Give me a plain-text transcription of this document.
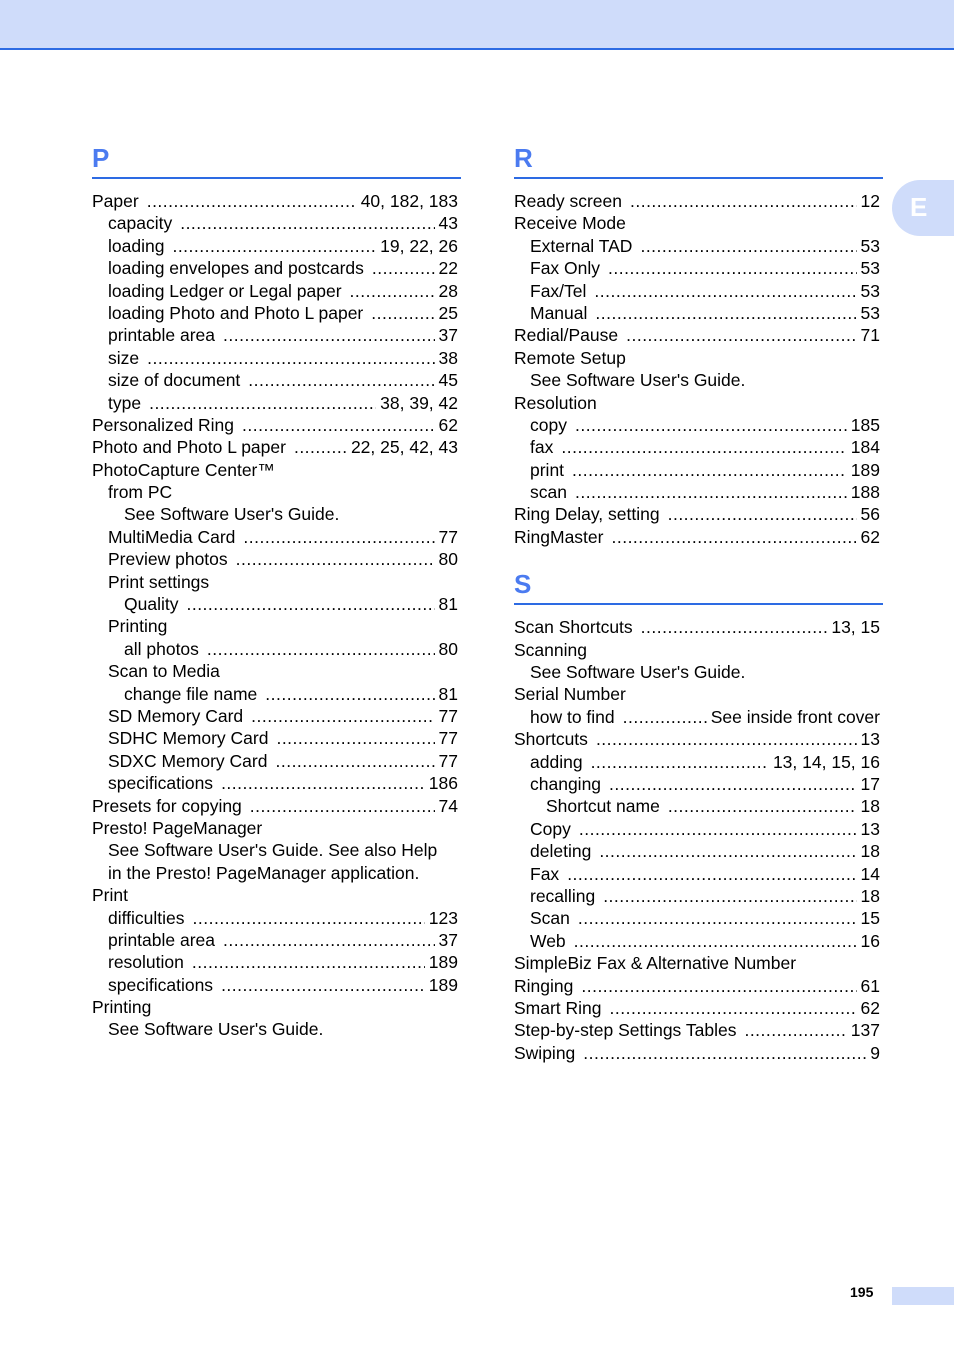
E
P
Paper .....	40, 182, 183
capacity .....	43
loading .....	19, 22, 26
loading envelopes and postcards .....	22
loading Ledger or Legal paper .....	28
loading Photo and Photo L paper .....	25
printable area .....	37
size .....	38
size of document .....	45
type .....	38, 39, 42
Personalized Ring .....	62
Photo and Photo L paper .....	22, 25, 42, 43
PhotoCapture Center™
from PC
See Software User's Guide.
MultiMedia Card .....	77
Preview photos .....	80
Print settings
Quality .....	81
Printing
all photos .....	80
Scan to Media
change file name .....	81
SD Memory Card .....	77
SDHC Memory Card .....	77
SDXC Memory Card .....	77
specifications .....	186
Presets for copying .....	74
Presto! PageManager
See Software User's Guide. See also Help
in the Presto! PageManager application.
Print
difficulties .....	123
printable area .....	37
resolution .....	189
specifications .....	189
Printing
See Software User's Guide.
R
Ready screen .....	12
Receive Mode
External TAD .....	53
Fax Only .....	53
Fax/Tel .....	53
Manual .....	53
Redial/Pause .....	71
Remote Setup
See Software User's Guide.
Resolution
copy .....	185
fax .....	184
print .....	189
scan .....	188
Ring Delay, setting .....	56
RingMaster .....	62
S
Scan Shortcuts .....	13, 15
Scanning
See Software User's Guide.
Serial Number
how to find .....	See inside front cover
Shortcuts .....	13
adding .....	13, 14, 15, 16
changing .....	17
Shortcut name .....	18
Copy .....	13
deleting .....	18
Fax .....	14
recalling .....	18
Scan .....	15
Web .....	16
SimpleBiz Fax & Alternative Number
Ringing .....	61
Smart Ring .....	62
Step-by-step Settings Tables .....	137
Swiping .....	9
195
